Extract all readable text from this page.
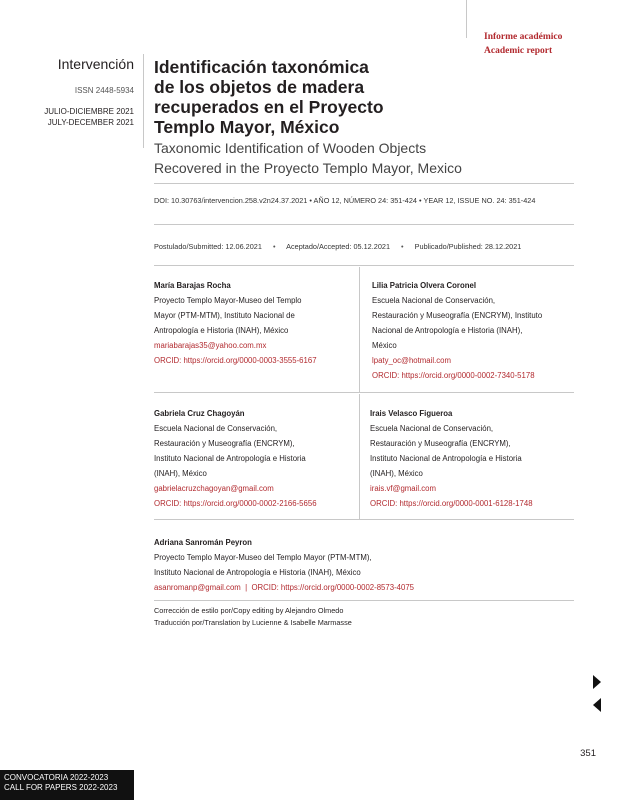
Informe académico
Academic report
Intervención
ISSN 2448-5934
JULIO-DICIEMBRE 2021
JULY-DECEMBER 2021
Identificación taxonómica
de los objetos de madera
recuperados en el Proyecto
Templo Mayor, México
Taxonomic Identification of Wooden Objects
Recovered in the Proyecto Templo Mayor, Mexico
DOI: 10.30763/intervencion.258.v2n24.37.2021 • AÑO 12, NÚMERO 24: 351-424 • YEAR 12, ISSUE NO. 24: 351-424
Postulado/Submitted: 12.06.2021 • Aceptado/Accepted: 05.12.2021 • Publicado/Published: 28.12.2021
María Barajas Rocha
Proyecto Templo Mayor-Museo del Templo
Mayor (PTM-MTM), Instituto Nacional de
Antropología e Historia (INAH), México
mariabarajas35@yahoo.com.mx
ORCID: https://orcid.org/0000-0003-3555-6167
Lilia Patricia Olvera Coronel
Escuela Nacional de Conservación,
Restauración y Museografía (ENCRYM), Instituto
Nacional de Antropología e Historia (INAH),
México
lpaty_oc@hotmail.com
ORCID: https://orcid.org/0000-0002-7340-5178
Gabriela Cruz Chagoyán
Escuela Nacional de Conservación,
Restauración y Museografía (ENCRYM),
Instituto Nacional de Antropología e Historia
(INAH), México
gabrielacruzchagoyan@gmail.com
ORCID: https://orcid.org/0000-0002-2166-5656
Irais Velasco Figueroa
Escuela Nacional de Conservación,
Restauración y Museografía (ENCRYM),
Instituto Nacional de Antropología e Historia
(INAH), México
irais.vf@gmail.com
ORCID: https://orcid.org/0000-0001-6128-1748
Adriana Sanromán Peyron
Proyecto Templo Mayor-Museo del Templo Mayor (PTM-MTM),
Instituto Nacional de Antropología e Historia (INAH), México
asanromanp@gmail.com  |  ORCID: https://orcid.org/0000-0002-8573-4075
Corrección de estilo por/Copy editing by Alejandro Olmedo
Traducción por/Translation by Lucienne & Isabelle Marmasse
351
CONVOCATORIA 2022-2023
CALL FOR PAPERS 2022-2023
